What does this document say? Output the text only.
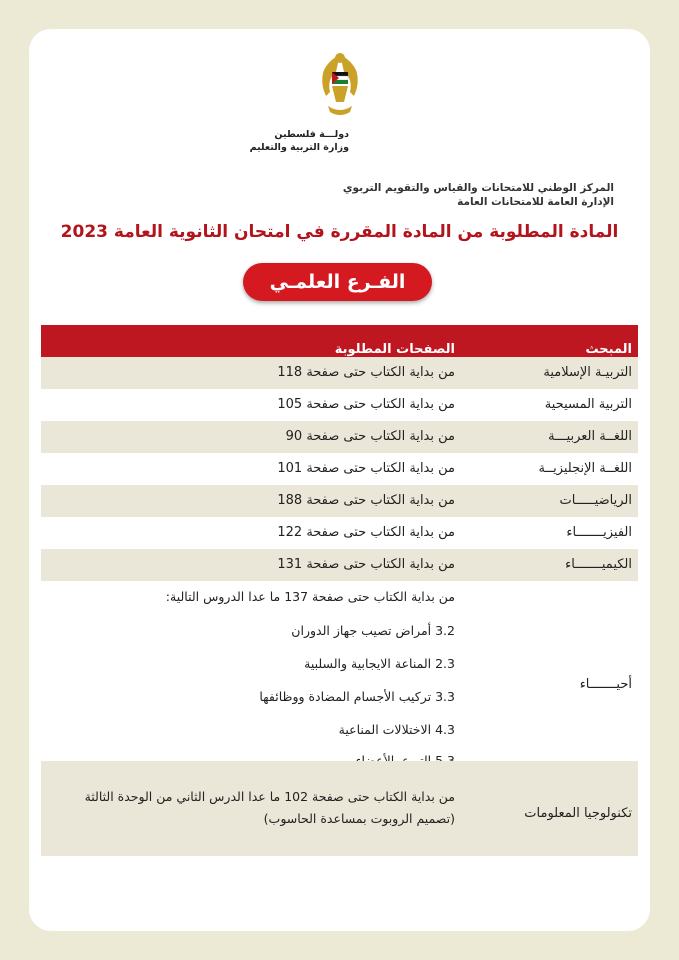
دولـــة فلسطين
وزارة التربية والتعليم
المركز الوطني للامتحانات والقياس والتقويم التربوي
الإدارة العامة للامتحانات العامة
المادة المطلوبة من المادة المقررة في امتحان الثانوية العامة 2023
الفـرع العلمـي
المبحث
الصفحات المطلوبة
التربيـة الإسلامية
من بداية الكتاب حتى صفحة 118
التربية المسيحية
من بداية الكتاب حتى صفحة 105
اللغــة العربيـــة
من بداية الكتاب حتى صفحة 90
اللغــة الإنجليزيــة
من بداية الكتاب حتى صفحة 101
الرياضيـــــات
من بداية الكتاب حتى صفحة 188
الفيزيـــــــاء
من بداية الكتاب حتى صفحة 122
الكيميـــــــاء
من بداية الكتاب حتى صفحة 131
أحيـــــــاء
من بداية الكتاب حتى صفحة 137 ما عدا الدروس التالية:
3.2 أمراض تصيب جهاز الدوران
2.3 المناعة الايجابية والسلبية
3.3 تركيب الأجسام المضادة ووظائفها
4.3 الاختلالات المناعية
تكنولوجيا المعلومات
من بداية الكتاب حتى صفحة 102 ما عدا الدرس الثاني من الوحدة الثالثة
(تصميم الروبوت بمساعدة الحاسوب)
